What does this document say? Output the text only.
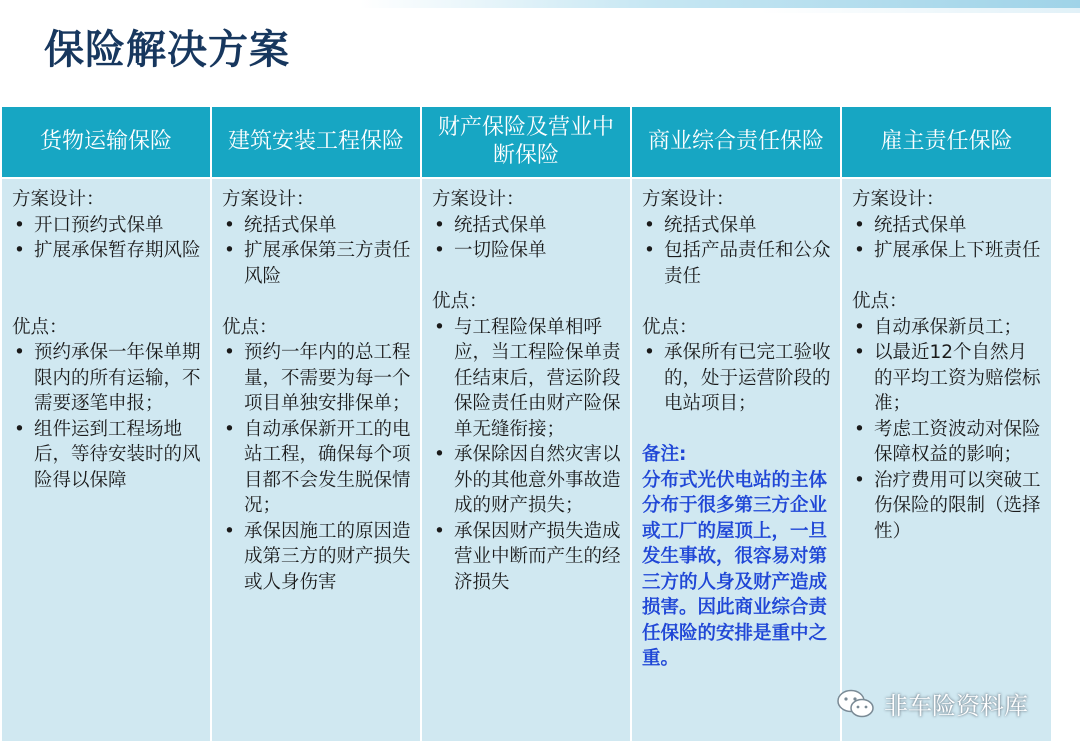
保险解决方案
货物运输保险
方案设计：
• 开口预约式保单
• 扩展承保暂存期风险
优点：
• 预约承保一年保单期限内的所有运输，不需要逐笔申报；
• 组件运到工程场地后，等待安装时的风险得以保障
建筑安装工程保险
方案设计：
• 统括式保单
• 扩展承保第三方责任风险
优点：
• 预约一年内的总工程量，不需要为每一个项目单独安排保单；
• 自动承保新开工的电站工程，确保每个项目都不会发生脱保情况；
• 承保因施工的原因造成第三方的财产损失或人身伤害
财产保险及营业中断保险
方案设计：
• 统括式保单
• 一切险保单
优点：
• 与工程险保单相呼应，当工程险保单责任结束后，营运阶段保险责任由财产险保单无缝衔接；
• 承保除因自然灾害以外的其他意外事故造成的财产损失；
• 承保因财产损失造成营业中断而产生的经济损失
商业综合责任保险
方案设计：
• 统括式保单
• 包括产品责任和公众责任
优点：
• 承保所有已完工验收的，处于运营阶段的电站项目；
备注:
分布式光伏电站的主体分布于很多第三方企业或工厂的屋顶上，一旦发生事故，很容易对第三方的人身及财产造成损害。因此商业综合责任保险的安排是重中之重。
雇主责任保险
方案设计：
• 统括式保单
• 扩展承保上下班责任
优点：
• 自动承保新员工；
• 以最近12个自然月的平均工资为赔偿标准；
• 考虑工资波动对保险保障权益的影响；
• 治疗费用可以突破工伤保险的限制（选择性）
非车险资料库
